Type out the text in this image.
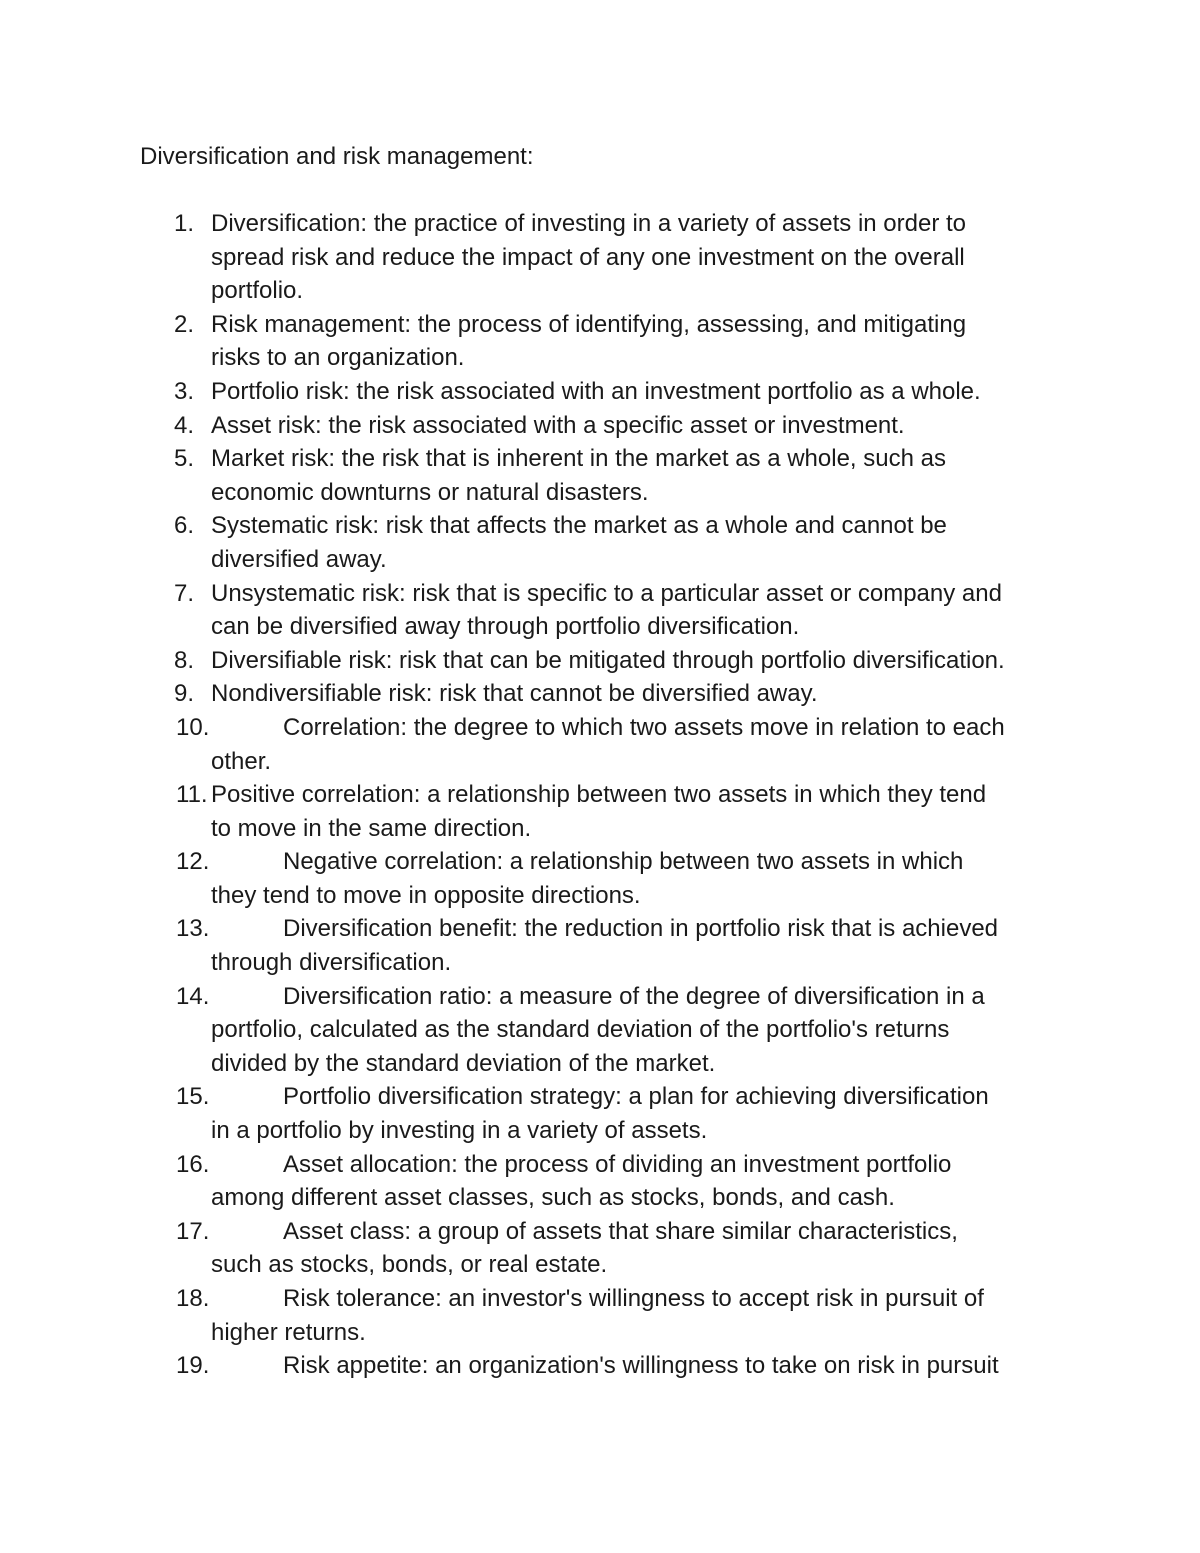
Diversification and risk management:
1. Diversification: the practice of investing in a variety of assets in order to
spread risk and reduce the impact of any one investment on the overall
portfolio.
2. Risk management: the process of identifying, assessing, and mitigating
risks to an organization.
3. Portfolio risk: the risk associated with an investment portfolio as a whole.
4. Asset risk: the risk associated with a specific asset or investment.
5. Market risk: the risk that is inherent in the market as a whole, such as
economic downturns or natural disasters.
6. Systematic risk: risk that affects the market as a whole and cannot be
diversified away.
7. Unsystematic risk: risk that is specific to a particular asset or company and
can be diversified away through portfolio diversification.
8. Diversifiable risk: risk that can be mitigated through portfolio diversification.
9. Nondiversifiable risk: risk that cannot be diversified away.
10.	Correlation: the degree to which two assets move in relation to each
other.
11. Positive correlation: a relationship between two assets in which they tend
to move in the same direction.
12.	Negative correlation: a relationship between two assets in which
they tend to move in opposite directions.
13.	Diversification benefit: the reduction in portfolio risk that is achieved
through diversification.
14.	Diversification ratio: a measure of the degree of diversification in a
portfolio, calculated as the standard deviation of the portfolio's returns
divided by the standard deviation of the market.
15.	Portfolio diversification strategy: a plan for achieving diversification
in a portfolio by investing in a variety of assets.
16.	Asset allocation: the process of dividing an investment portfolio
among different asset classes, such as stocks, bonds, and cash.
17.	Asset class: a group of assets that share similar characteristics,
such as stocks, bonds, or real estate.
18.	Risk tolerance: an investor's willingness to accept risk in pursuit of
higher returns.
19.	Risk appetite: an organization's willingness to take on risk in pursuit
